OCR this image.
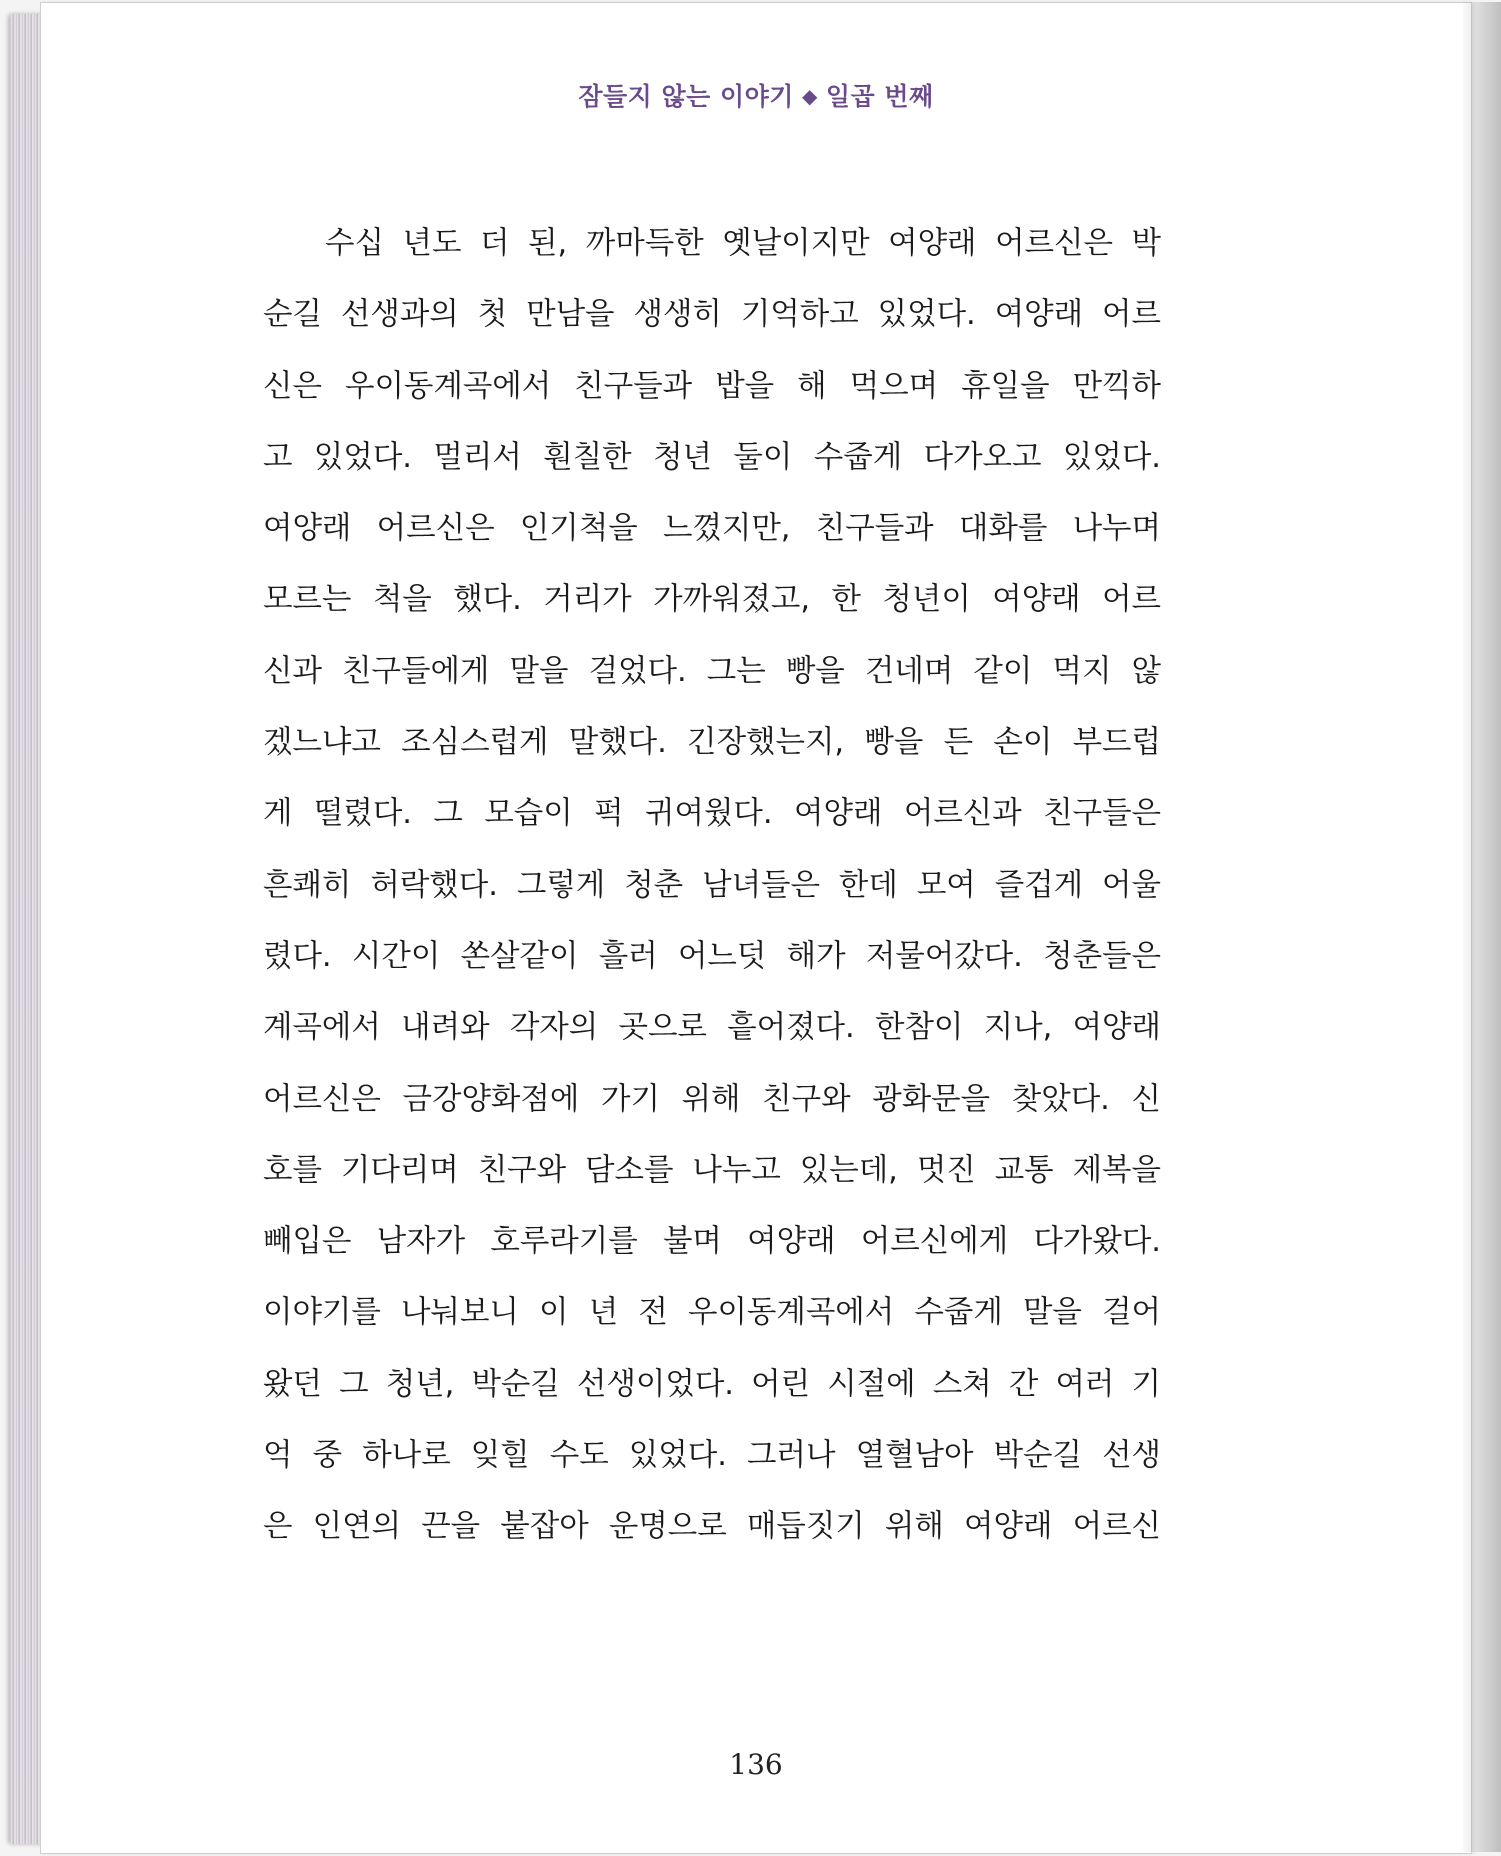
잠들지 않는 이야기 ◆ 일곱 번째
수십 년도 더 된, 까마득한 옛날이지만 여양래 어르신은 박
순길 선생과의 첫 만남을 생생히 기억하고 있었다. 여양래 어르
신은 우이동계곡에서 친구들과 밥을 해 먹으며 휴일을 만끽하
고 있었다. 멀리서 훤칠한 청년 둘이 수줍게 다가오고 있었다.
여양래 어르신은 인기척을 느꼈지만, 친구들과 대화를 나누며
모르는 척을 했다. 거리가 가까워졌고, 한 청년이 여양래 어르
신과 친구들에게 말을 걸었다. 그는 빵을 건네며 같이 먹지 않
겠느냐고 조심스럽게 말했다. 긴장했는지, 빵을 든 손이 부드럽
게 떨렸다. 그 모습이 퍽 귀여웠다. 여양래 어르신과 친구들은
흔쾌히 허락했다. 그렇게 청춘 남녀들은 한데 모여 즐겁게 어울
렸다. 시간이 쏜살같이 흘러 어느덧 해가 저물어갔다. 청춘들은
계곡에서 내려와 각자의 곳으로 흩어졌다. 한참이 지나, 여양래
어르신은 금강양화점에 가기 위해 친구와 광화문을 찾았다. 신
호를 기다리며 친구와 담소를 나누고 있는데, 멋진 교통 제복을
빼입은 남자가 호루라기를 불며 여양래 어르신에게 다가왔다.
이야기를 나눠보니 이 년 전 우이동계곡에서 수줍게 말을 걸어
왔던 그 청년, 박순길 선생이었다. 어린 시절에 스쳐 간 여러 기
억 중 하나로 잊힐 수도 있었다. 그러나 열혈남아 박순길 선생
은 인연의 끈을 붙잡아 운명으로 매듭짓기 위해 여양래 어르신
136
